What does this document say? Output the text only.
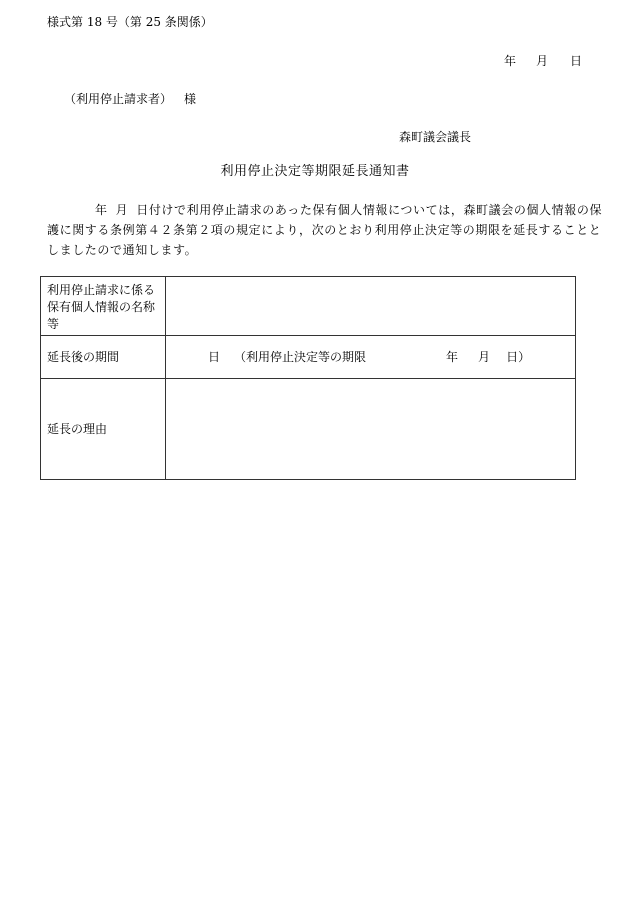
様式第 18 号（第 25 条関係）
年 月 日
（利用停止請求者） 様
森町議会議長
利用停止決定等期限延長通知書
年 月 日付けで利用停止請求のあった保有個人情報については，森町議会の個人情報の保
護に関する条例第４２条第２項の規定により，次のとおり利用停止決定等の期限を延長することと
しましたので通知します。
利用停止請求に係る保有個人情報の名称等	
延長後の期間	日 （利用停止決定等の期限 年 月 日）
延長の理由	
